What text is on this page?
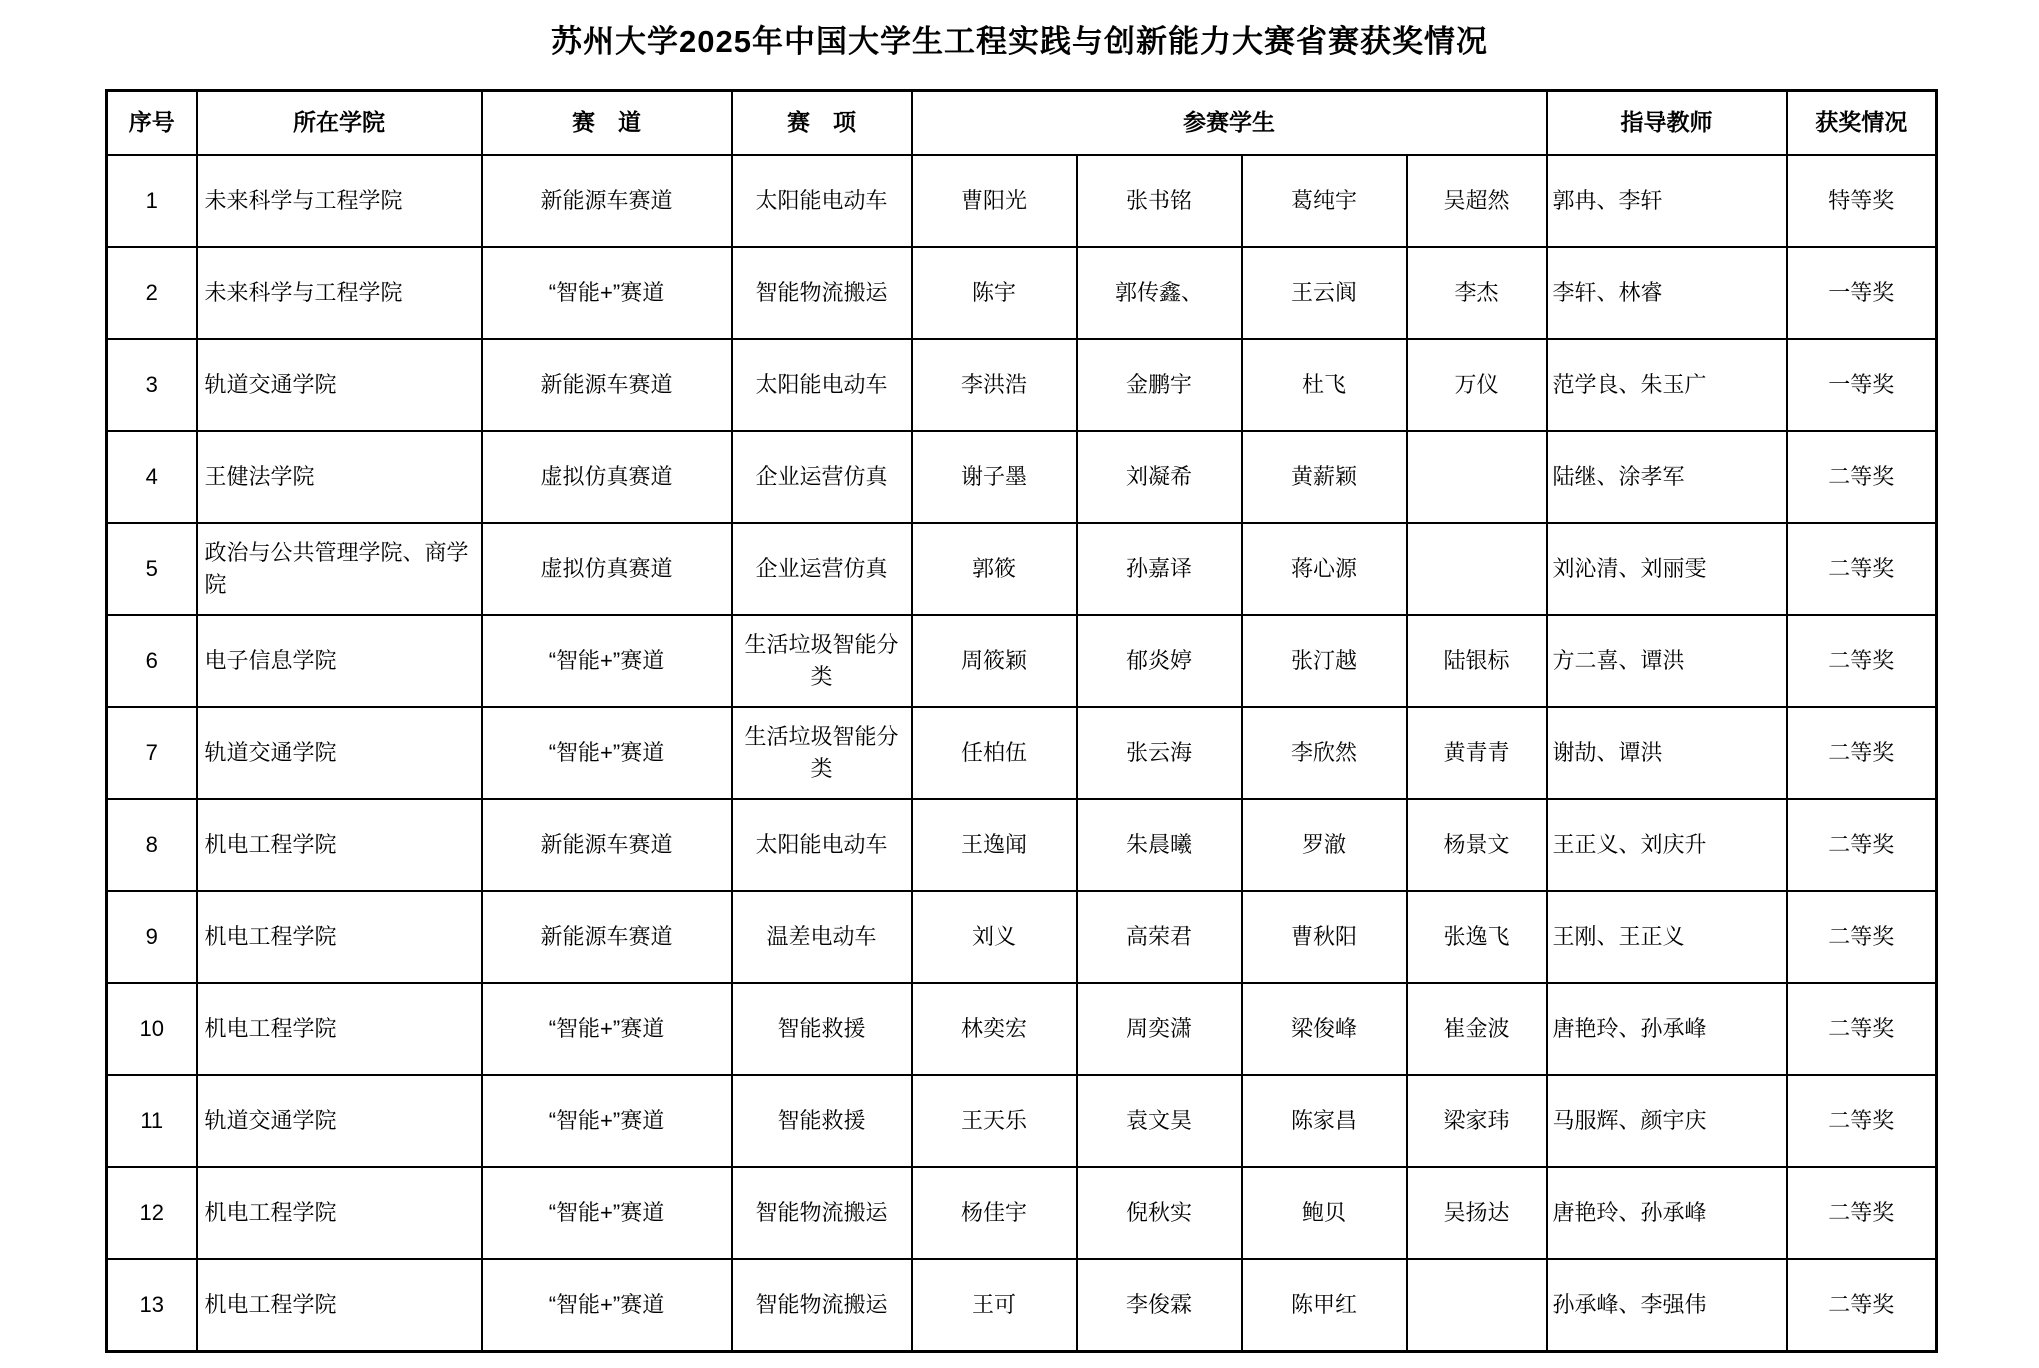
苏州大学2025年中国大学生工程实践与创新能力大赛省赛获奖情况
序号	所在学院	赛　道	赛　项	参赛学生				指导教师	获奖情况
1	未来科学与工程学院	新能源车赛道	太阳能电动车	曹阳光	张书铭	葛纯宇	吴超然	郭冉、李轩	特等奖
2	未来科学与工程学院	“智能+”赛道	智能物流搬运	陈宇	郭传鑫、	王云阆	李杰	李轩、林睿	一等奖
3	轨道交通学院	新能源车赛道	太阳能电动车	李洪浩	金鹏宇	杜飞	万仪	范学良、朱玉广	一等奖
4	王健法学院	虚拟仿真赛道	企业运营仿真	谢子墨	刘凝希	黄薪颖		陆继、涂孝军	二等奖
5	政治与公共管理学院、商学院	虚拟仿真赛道	企业运营仿真	郭筱	孙嘉译	蒋心源		刘沁清、刘丽雯	二等奖
6	电子信息学院	“智能+”赛道	生活垃圾智能分类	周筱颖	郁炎婷	张汀越	陆银标	方二喜、谭洪	二等奖
7	轨道交通学院	“智能+”赛道	生活垃圾智能分类	任柏伍	张云海	李欣然	黄青青	谢劼、谭洪	二等奖
8	机电工程学院	新能源车赛道	太阳能电动车	王逸闻	朱晨曦	罗澈	杨景文	王正义、刘庆升	二等奖
9	机电工程学院	新能源车赛道	温差电动车	刘义	高荣君	曹秋阳	张逸飞	王刚、王正义	二等奖
10	机电工程学院	“智能+”赛道	智能救援	林奕宏	周奕潇	梁俊峰	崔金波	唐艳玲、孙承峰	二等奖
11	轨道交通学院	“智能+”赛道	智能救援	王天乐	袁文昊	陈家昌	梁家玮	马服辉、颜宇庆	二等奖
12	机电工程学院	“智能+”赛道	智能物流搬运	杨佳宇	倪秋实	鲍贝	吴扬达	唐艳玲、孙承峰	二等奖
13	机电工程学院	“智能+”赛道	智能物流搬运	王可	李俊霖	陈甲红		孙承峰、李强伟	二等奖
